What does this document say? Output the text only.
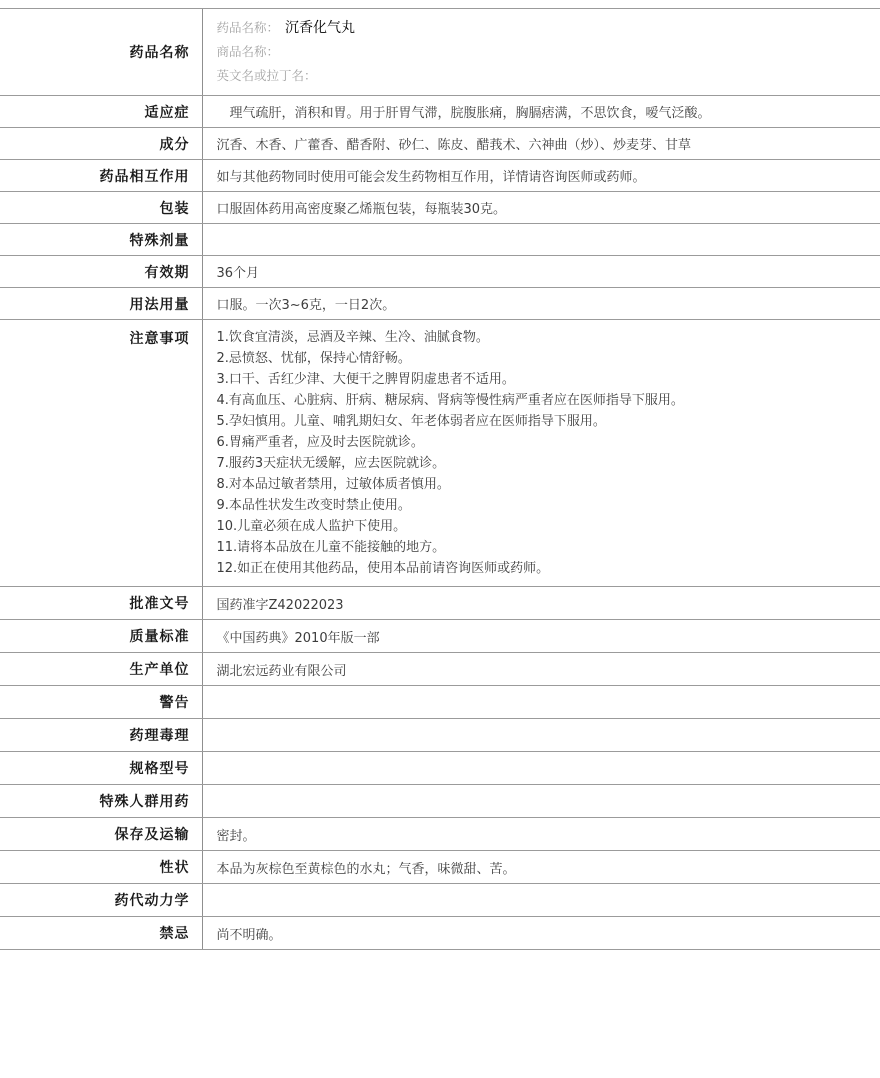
药品名称	药品名称： 沉香化气丸
商品名称：
英文名或拉丁名：

适应症	　理气疏肝，消积和胃。用于肝胃气滞，脘腹胀痛，胸膈痞满，不思饮食，嗳气泛酸。
成分	沉香、木香、广藿香、醋香附、砂仁、陈皮、醋莪术、六神曲（炒）、炒麦芽、甘草
药品相互作用	如与其他药物同时使用可能会发生药物相互作用，详情请咨询医师或药师。
包装	口服固体药用高密度聚乙烯瓶包装，每瓶装30克。
特殊剂量	
有效期	36个月
用法用量	口服。一次3~6克，一日2次。
注意事项	1.饮食宜清淡，忌酒及辛辣、生冷、油腻食物。
2.忌愤怒、忧郁，保持心情舒畅。
3.口干、舌红少津、大便干之脾胃阴虚患者不适用。
4.有高血压、心脏病、肝病、糖尿病、肾病等慢性病严重者应在医师指导下服用。
5.孕妇慎用。儿童、哺乳期妇女、年老体弱者应在医师指导下服用。
6.胃痛严重者，应及时去医院就诊。
7.服药3天症状无缓解，应去医院就诊。
8.对本品过敏者禁用，过敏体质者慎用。
9.本品性状发生改变时禁止使用。
10.儿童必须在成人监护下使用。
11.请将本品放在儿童不能接触的地方。
12.如正在使用其他药品，使用本品前请咨询医师或药师。

批准文号	国药准字Z42022023
质量标准	《中国药典》2010年版一部
生产单位	湖北宏远药业有限公司
警告	
药理毒理	
规格型号	
特殊人群用药	
保存及运输	密封。
性状	本品为灰棕色至黄棕色的水丸；气香，味微甜、苦。
药代动力学	
禁忌	尚不明确。
